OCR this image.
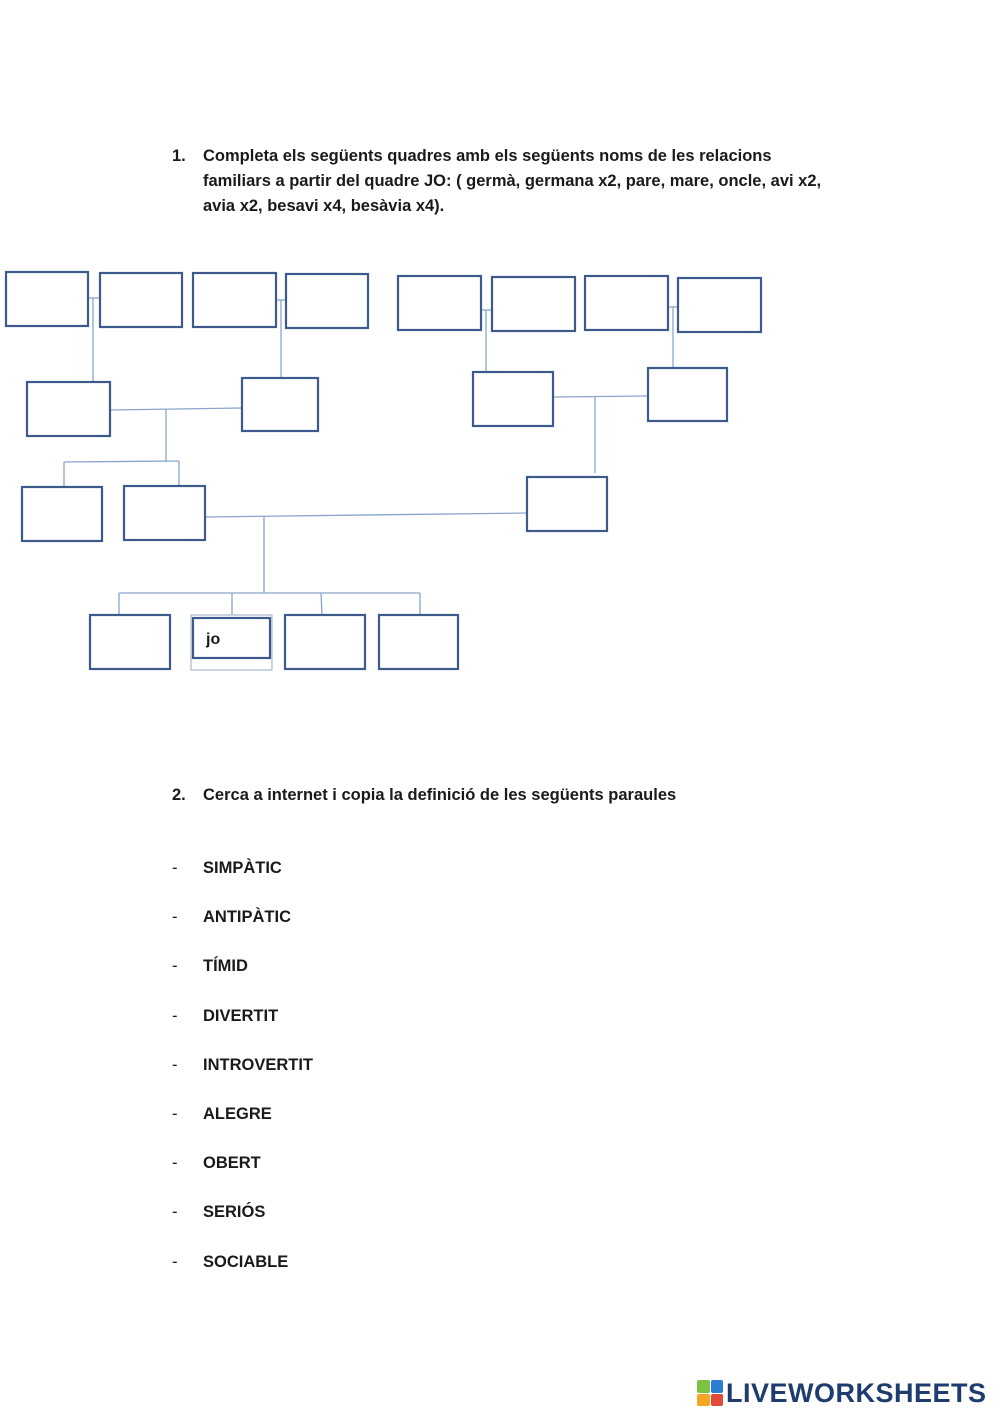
1. Completa els següents quadres amb els següents noms de les relacions familiars a partir del quadre JO: ( germà, germana x2, pare, mare, oncle, avi x2, avia x2, besavi x4, besàvia x4).
jo
2. Cerca a internet i copia la definició de les següents paraules
- SIMPÀTIC
- ANTIPÀTIC
- TÍMID
- DIVERTIT
- INTROVERTIT
- ALEGRE
- OBERT
- SERIÓS
- SOCIABLE
LIVEWORKSHEETS
